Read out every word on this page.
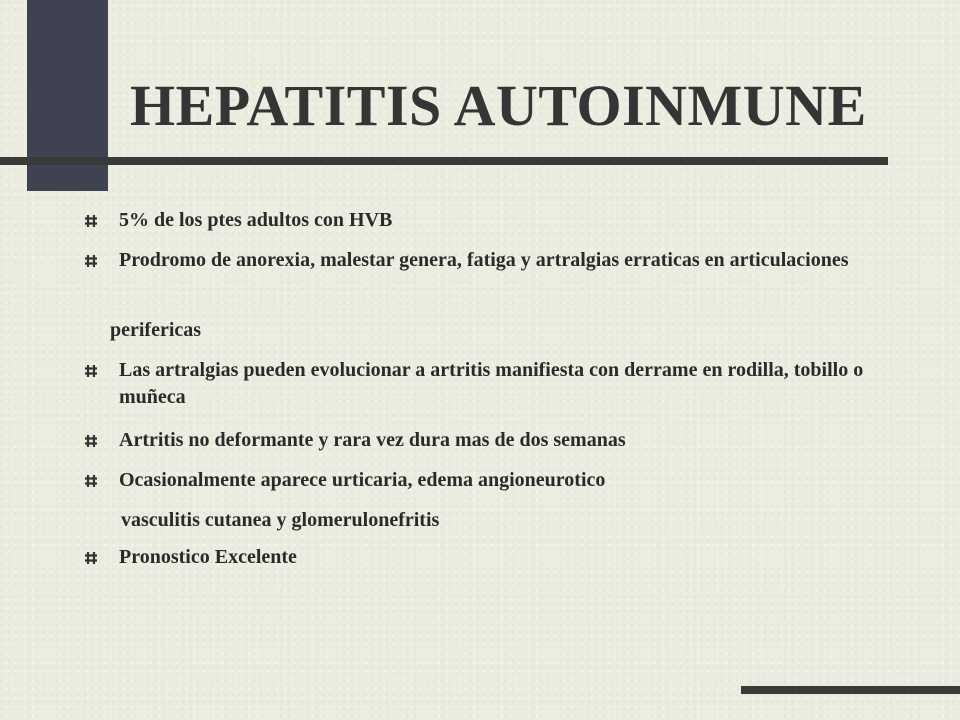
HEPATITIS AUTOINMUNE
5% de los ptes adultos con HVB
Prodromo de anorexia, malestar genera, fatiga y artralgias erraticas en articulaciones
perifericas
Las artralgias pueden evolucionar a artritis manifiesta con derrame en rodilla, tobillo o muñeca
Artritis no deformante y rara vez dura mas de dos semanas
Ocasionalmente aparece urticaria, edema angioneurotico
vasculitis cutanea y glomerulonefritis
Pronostico Excelente
